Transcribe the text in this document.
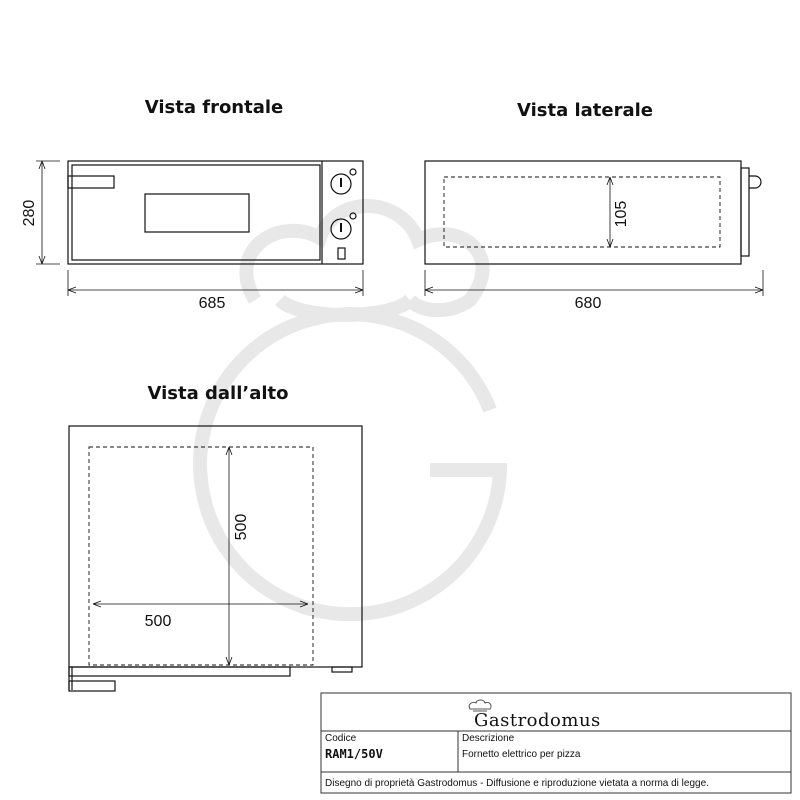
Vista frontale
280
685
Vista laterale
105
680
Vista dall’alto
500
500
Gastrodomus
Codice
RAM1/50V
Descrizione
Fornetto elettrico per pizza
Disegno di proprietà Gastrodomus - Diffusione e riproduzione vietata a norma di legge.
